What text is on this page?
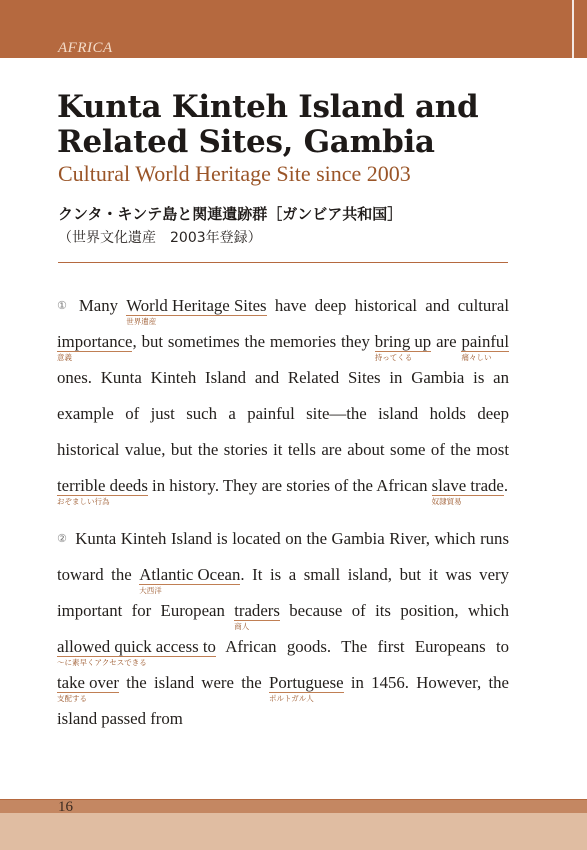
AFRICA
Kunta Kinteh Island and
Related Sites, Gambia
Cultural World Heritage Site since 2003
クンタ・キンテ島と関連遺跡群［ガンビア共和国］
（世界文化遺産　2003年登録）

① Many World Heritage Sites
世界遺産
have deep historical and cultural importance
意義
, but sometimes the memories they bring up
持ってくる
are painful
痛々しい
ones. Kunta Kinteh Island and Related Sites in Gambia is an example of just such a painful site—the island holds deep historical value, but the stories it tells are about some of the most terrible deeds
おぞましい行為
in history. They are stories of the African slave trade
奴隷貿易
.

② Kunta Kinteh Island is located on the Gambia River, which runs toward the Atlantic Ocean
大西洋
. It is a small island, but it was very important for European traders
商人
because of its position, which allowed quick access to
〜に素早くアクセスできる
African goods. The first Europeans to take over
支配する
the island were the Portuguese
ポルトガル人
in 1456. However, the island passed from

16
